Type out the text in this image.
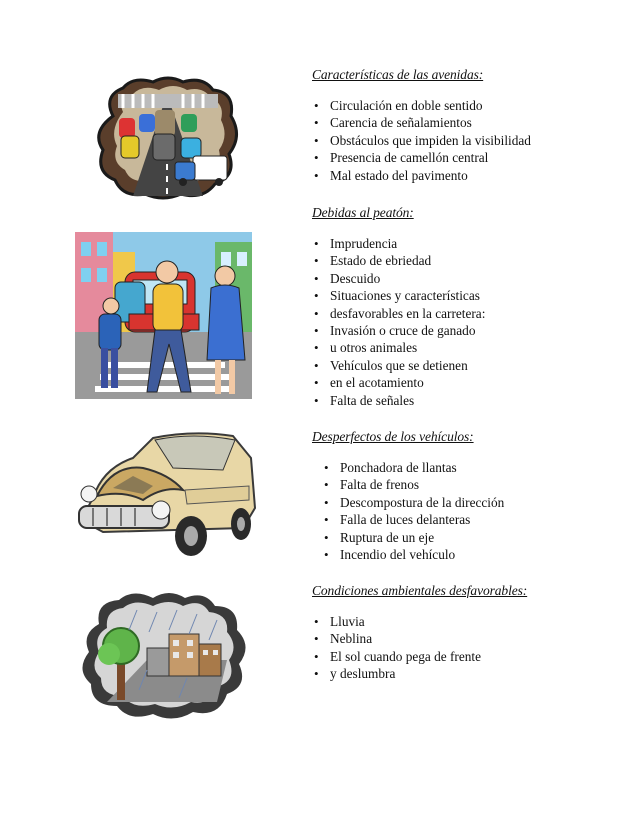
Características de las avenidas:
• Circulación en doble sentido
• Carencia de señalamientos
• Obstáculos que impiden la visibilidad
• Presencia de camellón central
• Mal estado del pavimento
Debidas al peatón:
• Imprudencia
• Estado de ebriedad
• Descuido
• Situaciones y características
• desfavorables en la carretera:
• Invasión o cruce de ganado
• u otros animales
• Vehículos que se detienen
• en el acotamiento
• Falta de señales
Desperfectos de los vehículos:
• Ponchadora de llantas
• Falta de frenos
• Descompostura de la dirección
• Falla de luces delanteras
• Ruptura de un eje
• Incendio del vehículo
Condiciones ambientales desfavorables:
• Lluvia
• Neblina
• El sol cuando pega de frente
• y deslumbra
